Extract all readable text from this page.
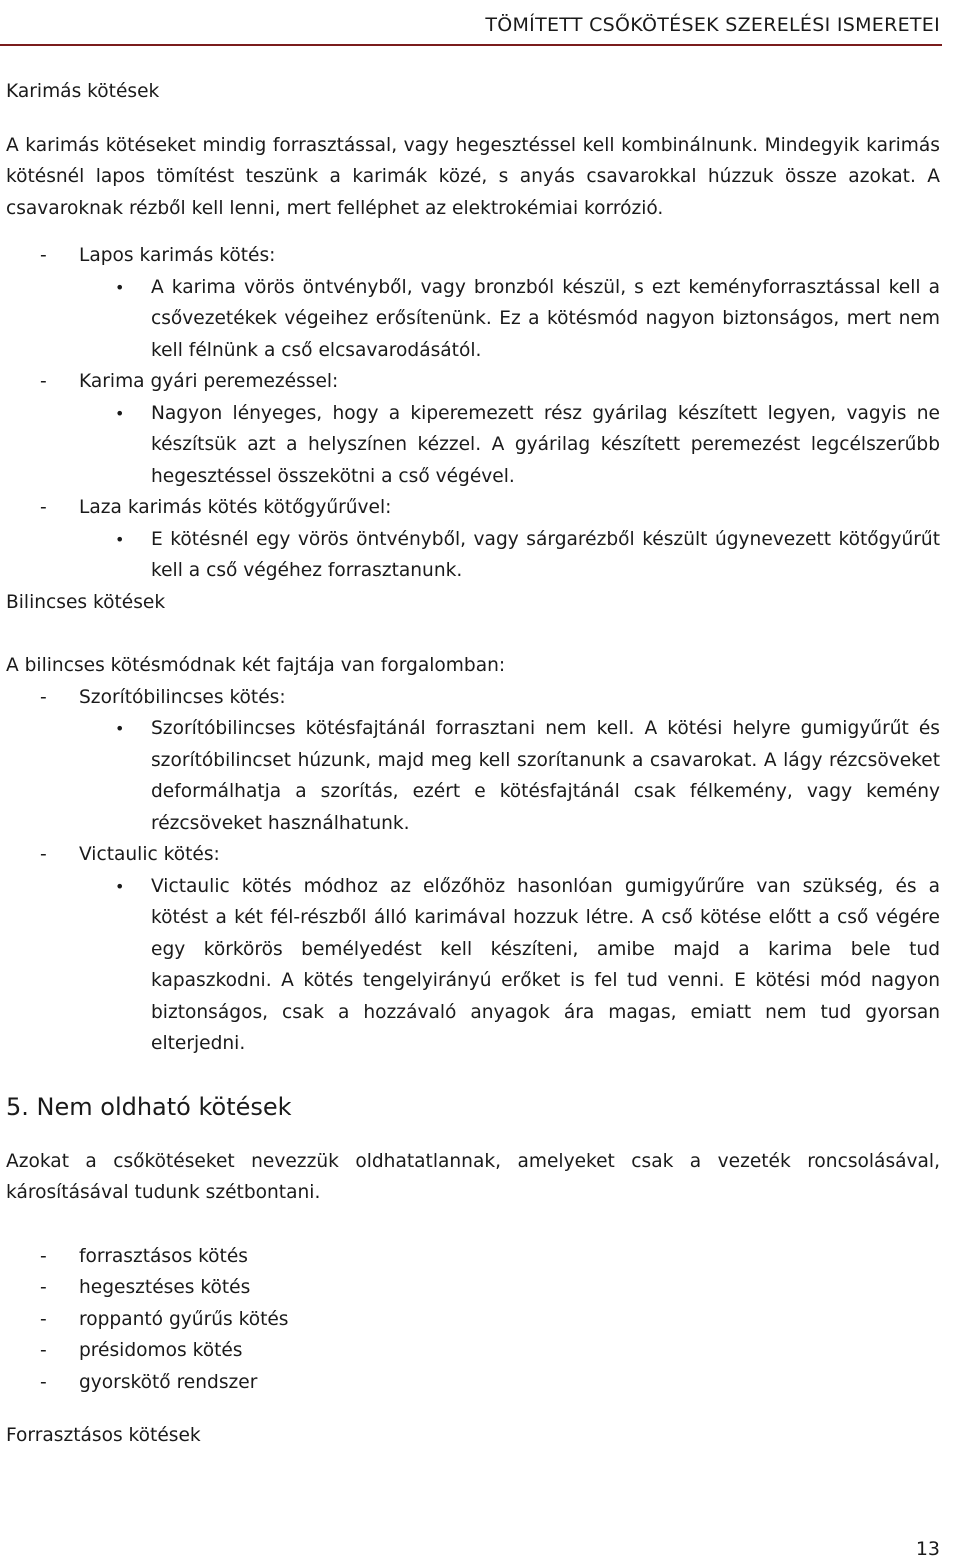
TÖMÍTETT CSŐKÖTÉSEK SZERELÉSI ISMERETEI

Karimás kötések

A karimás kötéseket mindig forrasztással, vagy hegesztéssel kell kombinálnunk. Mindegyik karimás kötésnél lapos tömítést teszünk a karimák közé, s anyás csavarokkal húzzuk össze azokat. A csavaroknak rézből kell lenni, mert felléphet az elektrokémiai korrózió.

- Lapos karimás kötés:

• A karima vörös öntvényből, vagy bronzból készül, s ezt keményforrasztással kell a csővezetékek végeihez erősítenünk. Ez a kötésmód nagyon biztonságos, mert nem kell félnünk a cső elcsavarodásától.

- Karima gyári peremezéssel:

• Nagyon lényeges, hogy a kiperemezett rész gyárilag készített legyen, vagyis ne készítsük azt a helyszínen kézzel. A gyárilag készített peremezést legcélszerűbb hegesztéssel összekötni a cső végével.

- Laza karimás kötés kötőgyűrűvel:

• E kötésnél egy vörös öntvényből, vagy sárgarézből készült úgynevezett kötőgyűrűt kell a cső végéhez forrasztanunk.

Bilincses kötések

A bilincses kötésmódnak két fajtája van forgalomban:

- Szorítóbilincses kötés:

• Szorítóbilincses kötésfajtánál forrasztani nem kell. A kötési helyre gumigyűrűt és szorítóbilincset húzunk, majd meg kell szorítanunk a csavarokat. A lágy rézcsöveket deformálhatja a szorítás, ezért e kötésfajtánál csak félkemény, vagy kemény rézcsöveket használhatunk.

- Victaulic kötés:

• Victaulic kötés módhoz az előzőhöz hasonlóan gumigyűrűre van szükség, és a kötést a két fél-részből álló karimával hozzuk létre. A cső kötése előtt a cső végére egy körkörös bemélyedést kell készíteni, amibe majd a karima bele tud kapaszkodni. A kötés tengelyirányú erőket is fel tud venni. E kötési mód nagyon biztonságos, csak a hozzávaló anyagok ára magas, emiatt nem tud gyorsan elterjedni.

5. Nem oldható kötések

Azokat a csőkötéseket nevezzük oldhatatlannak, amelyeket csak a vezeték roncsolásával, károsításával tudunk szétbontani.

- forrasztásos kötés

- hegesztéses kötés

- roppantó gyűrűs kötés

- présidomos kötés

- gyorskötő rendszer

Forrasztásos kötések

13
